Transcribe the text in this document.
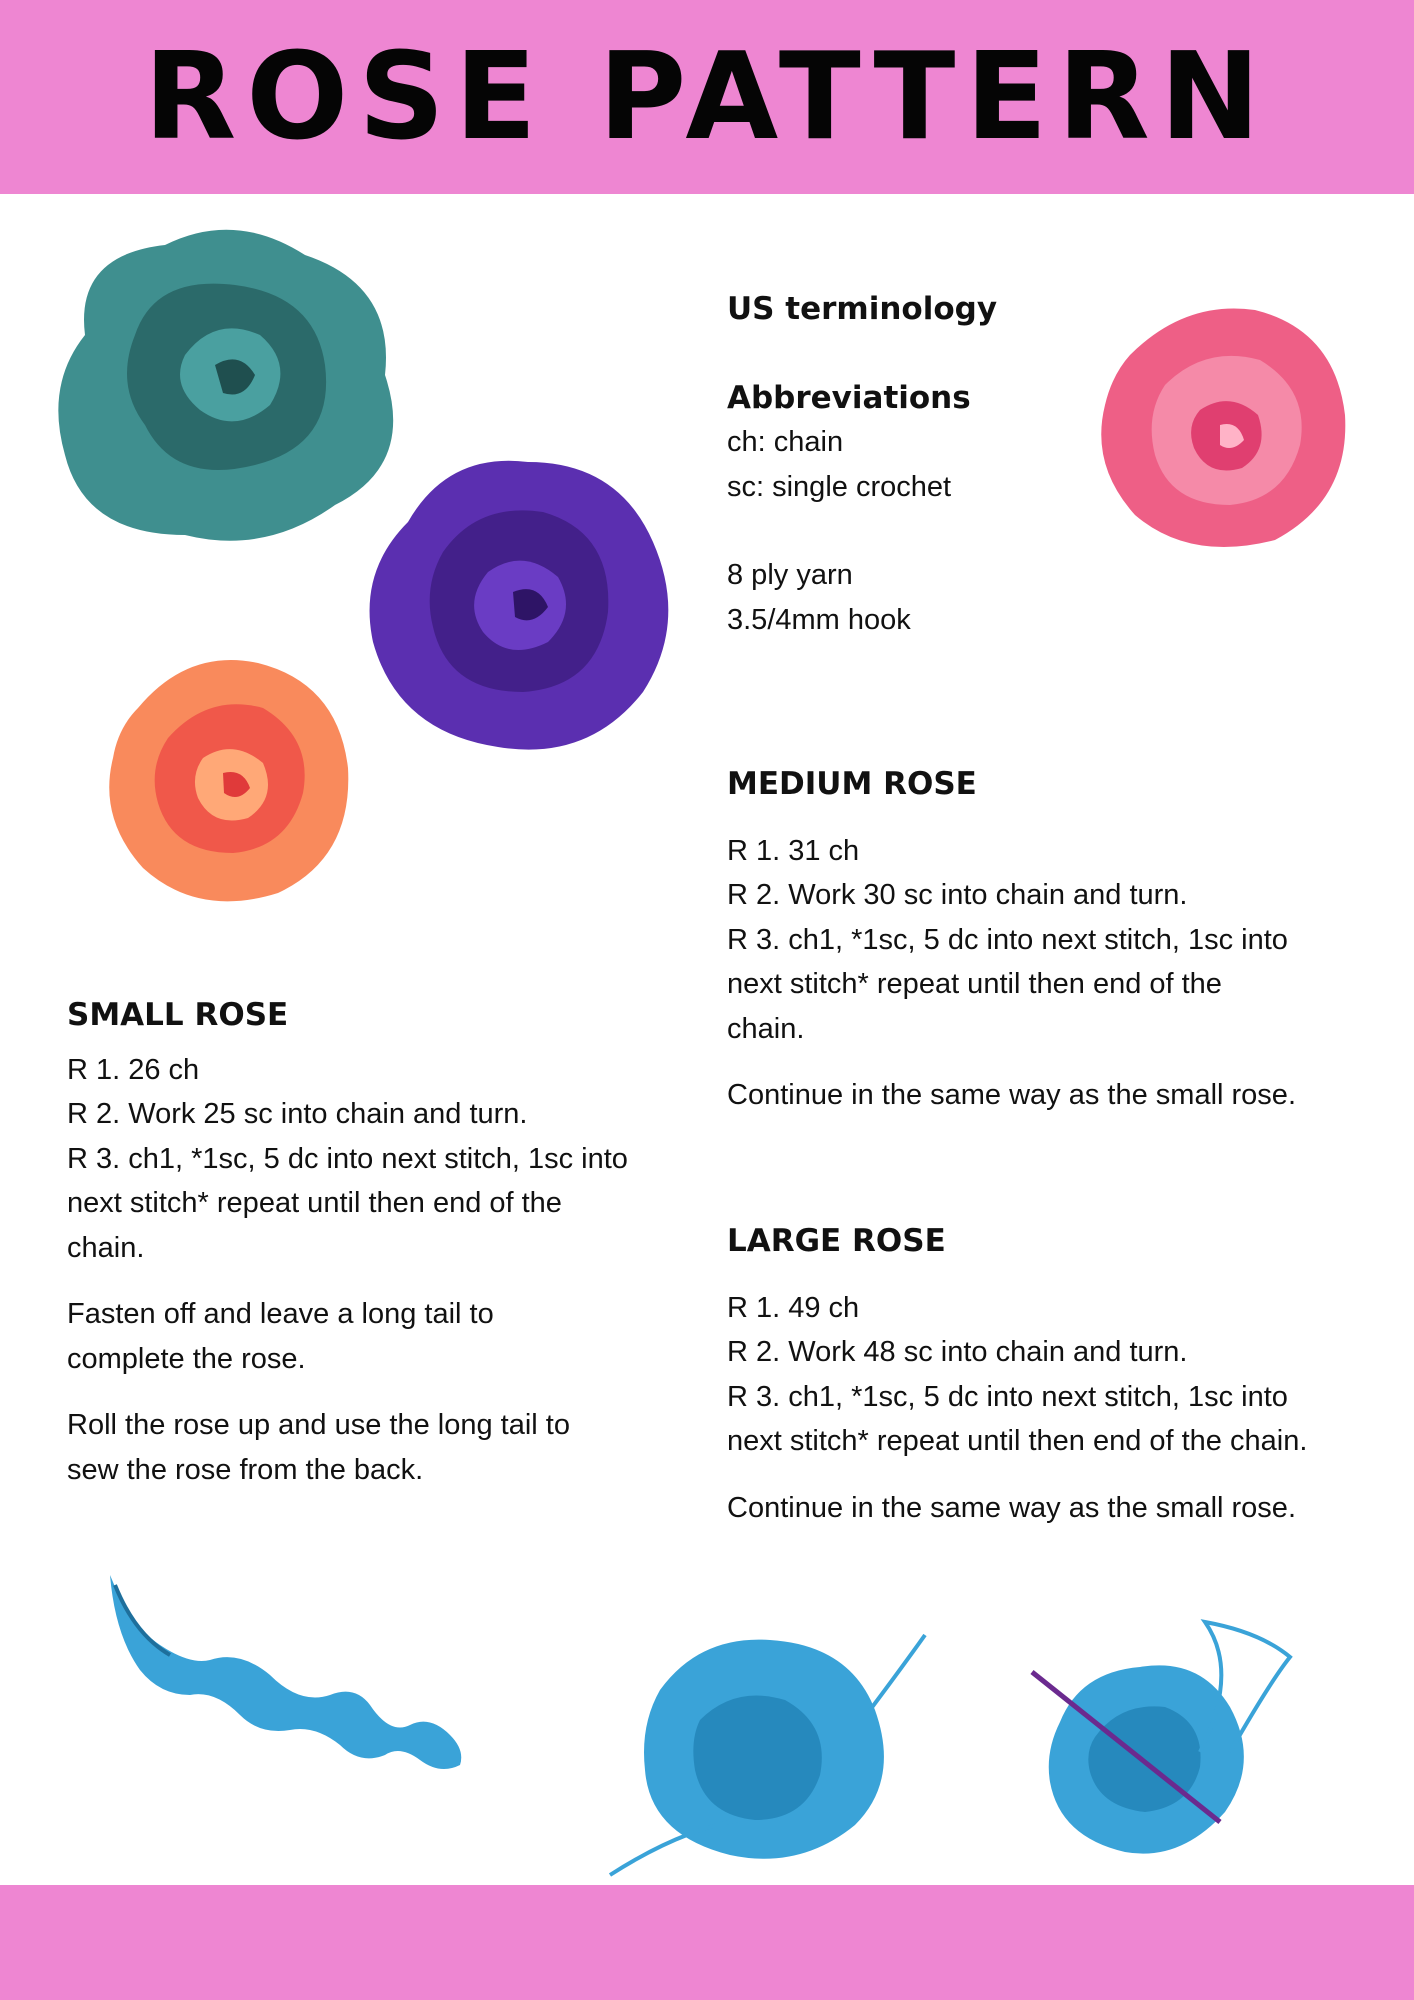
ROSE PATTERN

US terminology

Abbreviations

ch: chain

sc: single crochet

8 ply yarn

3.5/4mm hook

SMALL ROSE

R 1. 26 ch

R 2. Work 25 sc into chain and turn.

R 3. ch1, *1sc, 5 dc into next stitch, 1sc into

next stitch* repeat until then end of the

chain.

Fasten off and leave a long tail to

complete the rose.

Roll the rose up and use the long tail to

sew the rose from the back.

MEDIUM ROSE

R 1. 31 ch

R 2. Work 30 sc into chain and turn.

R 3. ch1, *1sc, 5 dc into next stitch, 1sc into

next stitch* repeat until then end of the

chain.

Continue in the same way as the small rose.

LARGE ROSE

R 1. 49 ch

R 2. Work 48 sc into chain and turn.

R 3. ch1, *1sc, 5 dc into next stitch, 1sc into

next stitch* repeat until then end of the chain.

Continue in the same way as the small rose.
